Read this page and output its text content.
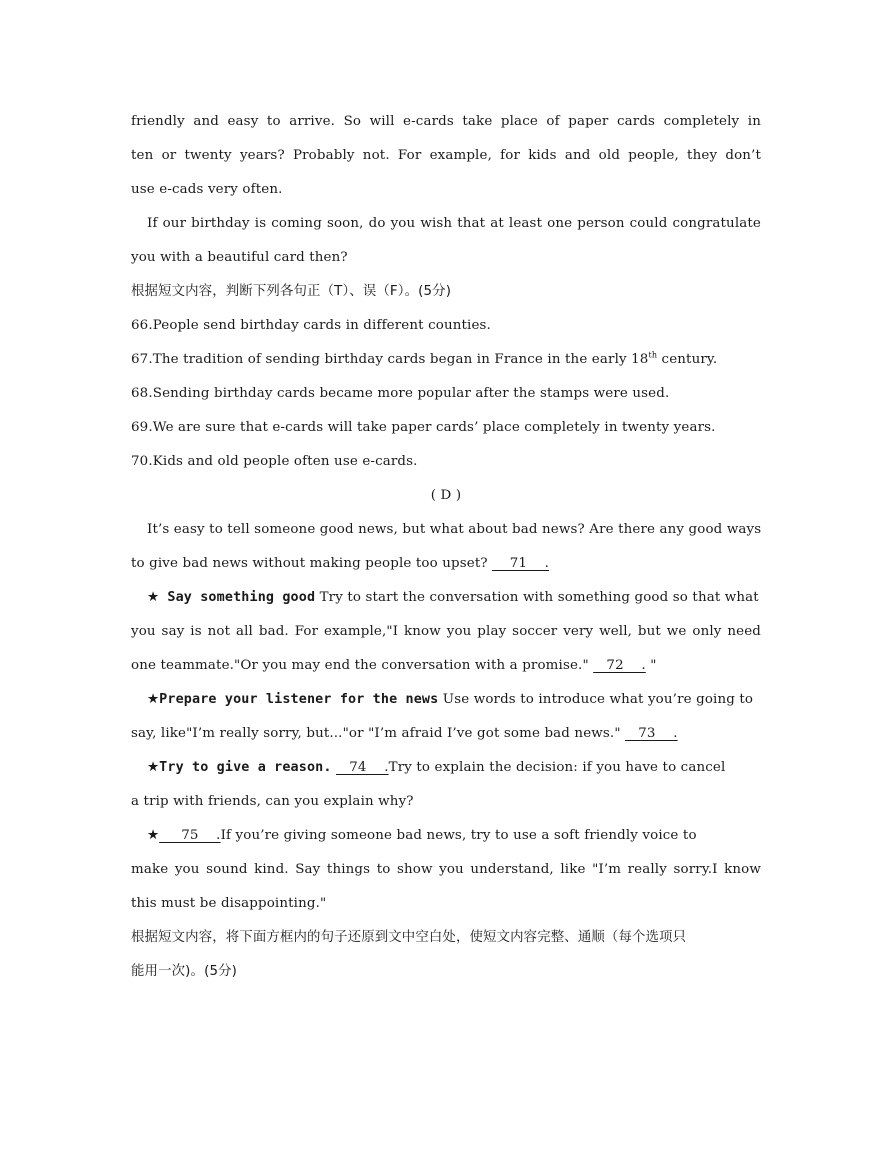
friendly and easy to arrive. So will e-cards take place of paper cards completely in
ten or twenty years? Probably not. For example, for kids and old people, they don’t
use e-cads very often.
If our birthday is coming soon, do you wish that at least one person could congratulate
you with a beautiful card then?
根据短文内容，判断下列各句正（T）、误（F）。(5分)
66.People send birthday cards in different counties.
67.The tradition of sending birthday cards began in France in the early 18th century.
68.Sending birthday cards became more popular after the stamps were used.
69.We are sure that e-cards will take paper cards’ place completely in twenty years.
70.Kids and old people often use e-cards.
( D )
It’s easy to tell someone good news, but what about bad news? Are there any good ways
to give bad news without making people too upset?     71    .
★ Say something good Try to start the conversation with something good so that what
you say is not all bad. For example,"I know you play soccer very well, but we only need
one teammate."Or you may end the conversation with a promise."    72    . "
★Prepare your listener for the news Use words to introduce what you’re going to
say, like"I’m really sorry, but..."or "I’m afraid I’ve got some bad news."    73    .
★Try to give a reason.    74    .Try to explain the decision: if you have to cancel
a trip with friends, can you explain why?
★     75    .If you’re giving someone bad news, try to use a soft friendly voice to
make you sound kind. Say things to show you understand, like "I’m really sorry.I know
this must be disappointing."
根据短文内容，将下面方框内的句子还原到文中空白处，使短文内容完整、通顺（每个选项只
能用一次)。(5分)
